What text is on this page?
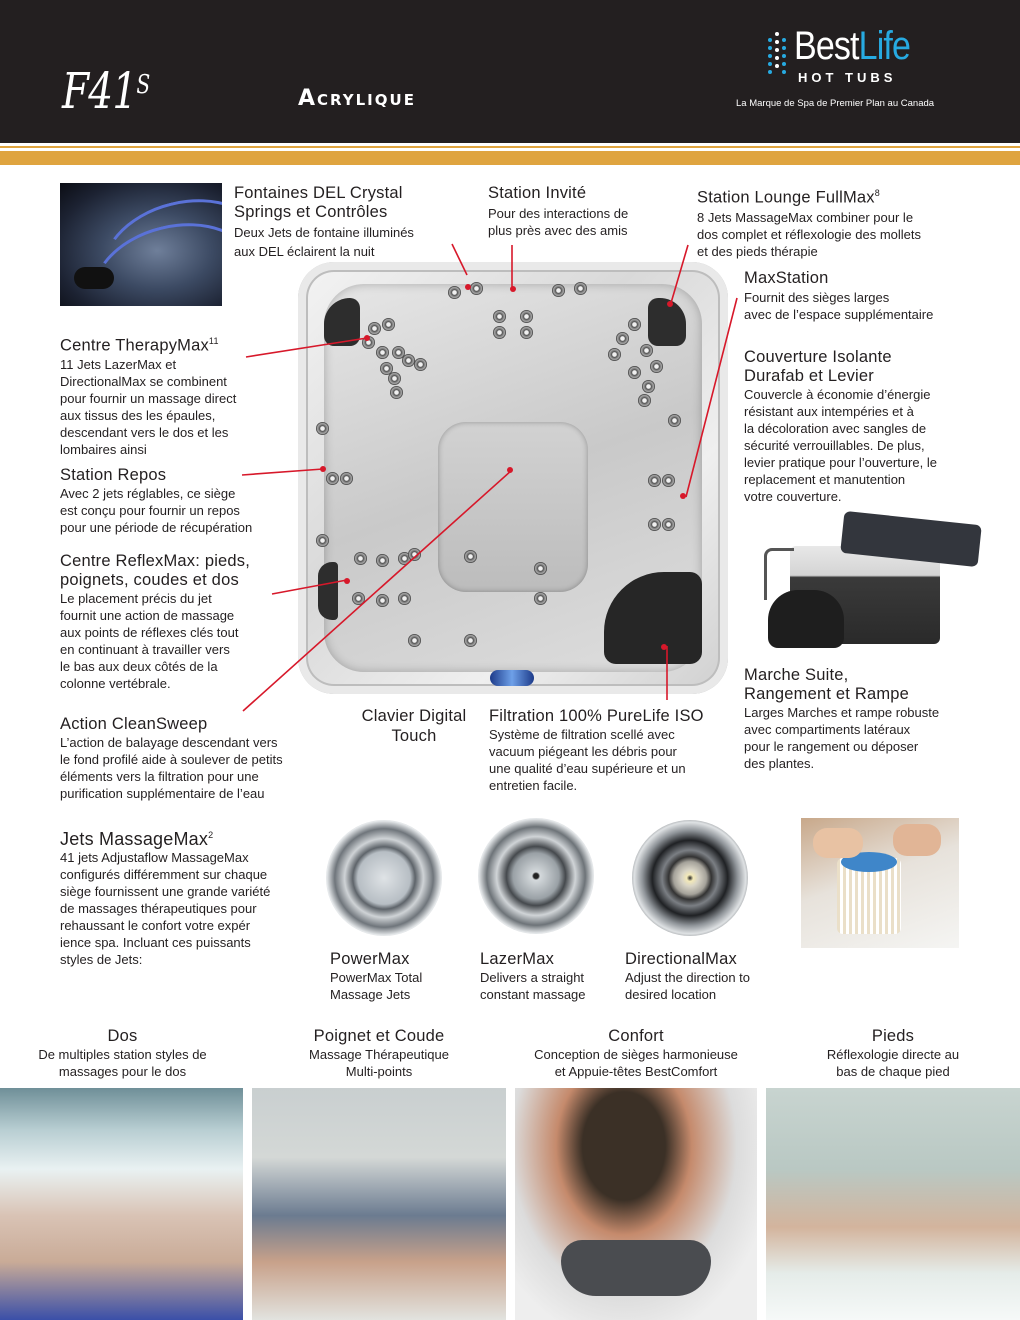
$F41^S$	Acrylique
BestLife
HOT TUBS
La Marque de Spa de Premier Plan au Canada
Fontaines DEL Crystal
Springs et Contrôles

Deux Jets de fontaine illuminés

aux DEL éclairent la nuit

Station Invité

Pour des interactions de

plus près avec des amis

Station Lounge FullMax$^8$

8 Jets MassageMax combiner pour le

dos complet et réflexologie des mollets

et des pieds thérapie

MaxStation

Fournit des sièges larges

avec de l’espace supplémentaire

Couverture Isolante
Durafab et Levier

Couvercle à économie d’énergie

résistant aux intempéries et à

la décoloration avec sangles de

sécurité verrouillables. De plus,

levier pratique pour l’ouverture, le

replacement et manutention

votre couverture.

Centre TherapyMax$^{11}$

11 Jets LazerMax et

DirectionalMax se combinent

pour fournir un massage direct

aux tissus des les épaules,

descendant vers le dos et les

lombaires ainsi

Station Repos

Avec 2 jets réglables, ce siège

est conçu pour fournir un repos

pour une période de récupération

Centre ReflexMax: pieds,
poignets, coudes et dos

Le placement précis du jet

fournit une action de massage

aux points de réflexes clés tout

en continuant à travailler vers

le bas aux deux côtés de la

colonne vertébrale.

Action CleanSweep

L’action de balayage descendant vers

le fond profilé aide à soulever de petits

éléments vers la filtration pour une

purification supplémentaire de l’eau

Clavier Digital
Touch
Filtration 100% PureLife ISO

Système de filtration scellé avec

vacuum piégeant les débris pour

une qualité d’eau supérieure et un

entretien facile.

Marche Suite,
Rangement et Rampe

Larges Marches et rampe robuste

avec compartiments latéraux

pour le rangement ou déposer

des plantes.

Jets MassageMax$^2$

41 jets Adjustaflow MassageMax

configurés différemment sur chaque

siège fournissent une grande variété

de massages thérapeutiques pour

rehaussant le confort votre expér

ience spa. Incluant ces puissants

styles de Jets:	PowerMax

PowerMax Total

Massage Jets

LazerMax

Delivers a straight

constant massage

DirectionalMax

Adjust the direction to

desired location

Dos

De multiples station styles de

massages pour le dos

Poignet et Coude

Massage Thérapeutique

Multi-points

Confort

Conception de sièges harmonieuse

et Appuie-têtes BestComfort

Pieds

Réflexologie directe au

bas de chaque pied
